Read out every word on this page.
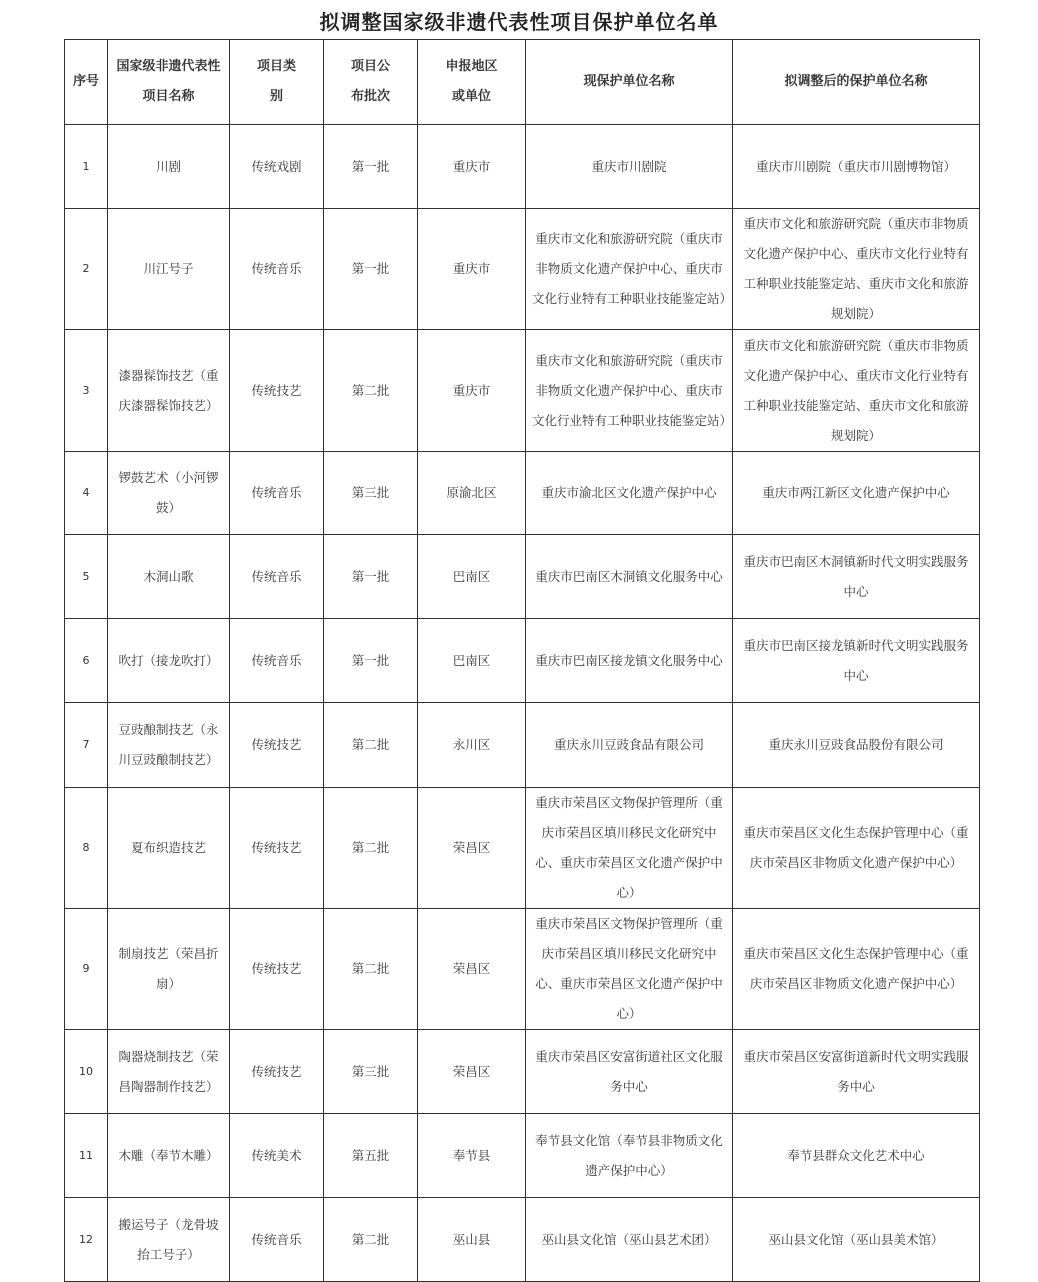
拟调整国家级非遗代表性项目保护单位名单
序号	国家级非遗代表性项目名称	项目类别	项目公布批次	申报地区或单位	现保护单位名称	拟调整后的保护单位名称
1	川剧	传统戏剧	第一批	重庆市	重庆市川剧院	重庆市川剧院（重庆市川剧博物馆）
2	川江号子	传统音乐	第一批	重庆市	重庆市文化和旅游研究院（重庆市非物质文化遗产保护中心、重庆市文化行业特有工种职业技能鉴定站）	重庆市文化和旅游研究院（重庆市非物质文化遗产保护中心、重庆市文化行业特有工种职业技能鉴定站、重庆市文化和旅游规划院）
3	漆器髹饰技艺（重庆漆器髹饰技艺）	传统技艺	第二批	重庆市	重庆市文化和旅游研究院（重庆市非物质文化遗产保护中心、重庆市文化行业特有工种职业技能鉴定站）	重庆市文化和旅游研究院（重庆市非物质文化遗产保护中心、重庆市文化行业特有工种职业技能鉴定站、重庆市文化和旅游规划院）
4	锣鼓艺术（小河锣鼓）	传统音乐	第三批	原渝北区	重庆市渝北区文化遗产保护中心	重庆市两江新区文化遗产保护中心
5	木洞山歌	传统音乐	第一批	巴南区	重庆市巴南区木洞镇文化服务中心	重庆市巴南区木洞镇新时代文明实践服务中心
6	吹打（接龙吹打）	传统音乐	第一批	巴南区	重庆市巴南区接龙镇文化服务中心	重庆市巴南区接龙镇新时代文明实践服务中心
7	豆豉酿制技艺（永川豆豉酿制技艺）	传统技艺	第二批	永川区	重庆永川豆豉食品有限公司	重庆永川豆豉食品股份有限公司
8	夏布织造技艺	传统技艺	第二批	荣昌区	重庆市荣昌区文物保护管理所（重庆市荣昌区填川移民文化研究中心、重庆市荣昌区文化遗产保护中心）	重庆市荣昌区文化生态保护管理中心（重庆市荣昌区非物质文化遗产保护中心）
9	制扇技艺（荣昌折扇）	传统技艺	第二批	荣昌区	重庆市荣昌区文物保护管理所（重庆市荣昌区填川移民文化研究中心、重庆市荣昌区文化遗产保护中心）	重庆市荣昌区文化生态保护管理中心（重庆市荣昌区非物质文化遗产保护中心）
10	陶器烧制技艺（荣昌陶器制作技艺）	传统技艺	第三批	荣昌区	重庆市荣昌区安富街道社区文化服务中心	重庆市荣昌区安富街道新时代文明实践服务中心
11	木雕（奉节木雕）	传统美术	第五批	奉节县	奉节县文化馆（奉节县非物质文化遗产保护中心）	奉节县群众文化艺术中心
12	搬运号子（龙骨坡抬工号子）	传统音乐	第二批	巫山县	巫山县文化馆（巫山县艺术团）	巫山县文化馆（巫山县美术馆）
